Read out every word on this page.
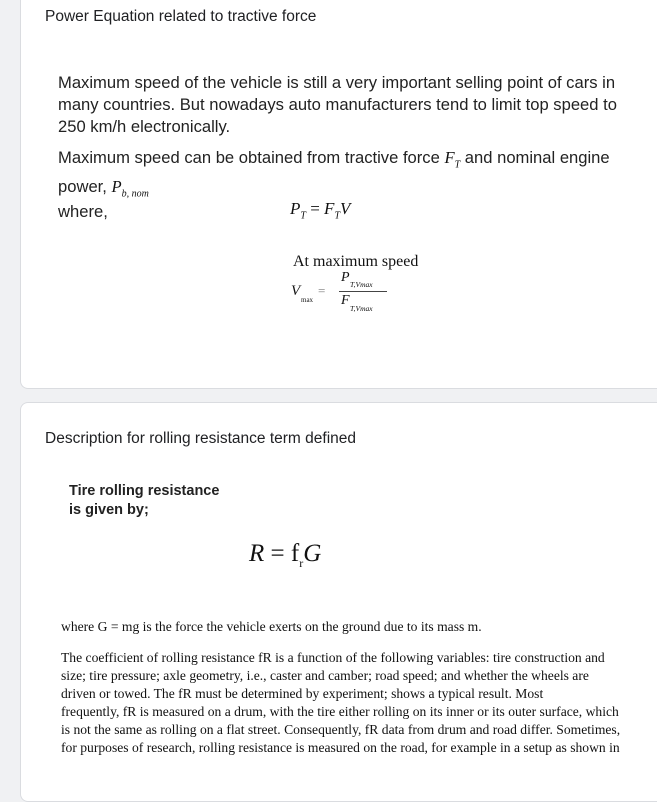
Power Equation related to tractive force
Maximum speed of the vehicle is still a very important selling point of cars in many countries. But nowadays auto manufacturers tend to limit top speed to 250 km/h electronically.
Maximum speed can be obtained from tractive force $F_T$ and nominal engine power, $P_{b, nom}$
where,	$P_T = F_TV$
At maximum speed
V
max
=
P T,Vmax
F
T,Vmax
Description for rolling resistance term defined
Tire rolling resistance
is given by;
$R = f_rG$
where G = mg is the force the vehicle exerts on the ground due to its mass m.
The coefficient of rolling resistance fR is a function of the following variables: tire construction and
size; tire pressure; axle geometry, i.e., caster and camber; road speed; and whether the wheels are
driven or towed. The fR must be determined by experiment; shows a typical result. Most
frequently, fR is measured on a drum, with the tire either rolling on its inner or its outer surface, which
is not the same as rolling on a flat street. Consequently, fR data from drum and road differ. Sometimes,
for purposes of research, rolling resistance is measured on the road, for example in a setup as shown in
